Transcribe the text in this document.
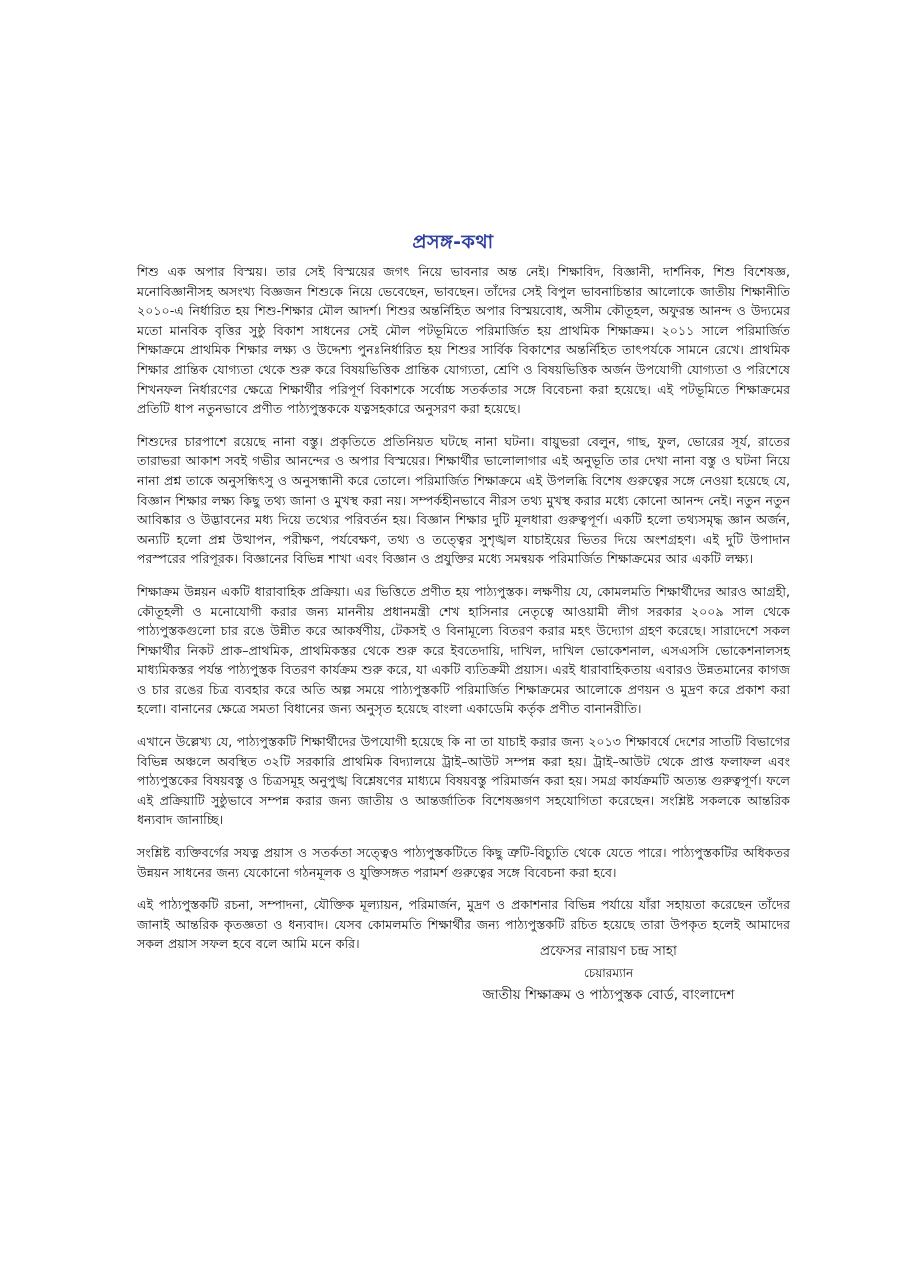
প্রসঙ্গ-কথা

শিশু এক অপার বিস্ময়। তার সেই বিস্ময়ের জগৎ নিয়ে ভাবনার অন্ত নেই। শিক্ষাবিদ, বিজ্ঞানী, দার্শনিক, শিশু বিশেষজ্ঞ, মনোবিজ্ঞানীসহ অসংখ্য বিজ্ঞজন শিশুকে নিয়ে ভেবেছেন, ভাবছেন। তাঁদের সেই বিপুল ভাবনাচিন্তার আলোকে জাতীয় শিক্ষানীতি ২০১০-এ নির্ধারিত হয় শিশু-শিক্ষার মৌল আদর্শ। শিশুর অন্তর্নিহিত অপার বিস্ময়বোধ, অসীম কৌতূহল, অফুরন্ত আনন্দ ও উদ্যমের মতো মানবিক বৃত্তির সুষ্ঠু বিকাশ সাধনের সেই মৌল পটভূমিতে পরিমার্জিত হয় প্রাথমিক শিক্ষাক্রম। ২০১১ সালে পরিমার্জিত শিক্ষাক্রমে প্রাথমিক শিক্ষার লক্ষ্য ও উদ্দেশ্য পুনঃনির্ধারিত হয় শিশুর সার্বিক বিকাশের অন্তর্নিহিত তাৎপর্যকে সামনে রেখে। প্রাথমিক শিক্ষার প্রান্তিক যোগ্যতা থেকে শুরু করে বিষয়ভিত্তিক প্রান্তিক যোগ্যতা, শ্রেণি ও বিষয়ভিত্তিক অর্জন উপযোগী যোগ্যতা ও পরিশেষে শিখনফল নির্ধারণের ক্ষেত্রে শিক্ষার্থীর পরিপূর্ণ বিকাশকে সর্বোচ্চ সতর্কতার সঙ্গে বিবেচনা করা হয়েছে। এই পটভূমিতে শিক্ষাক্রমের প্রতিটি ধাপ নতুনভাবে প্রণীত পাঠ্যপুস্তককে যত্নসহকারে অনুসরণ করা হয়েছে।

শিশুদের চারপাশে রয়েছে নানা বস্তু। প্রকৃতিতে প্রতিনিয়ত ঘটছে নানা ঘটনা। বায়ুভরা বেলুন, গাছ, ফুল, ভোরের সূর্য, রাতের তারাভরা আকাশ সবই গভীর আনন্দের ও অপার বিস্ময়ের। শিক্ষার্থীর ভালোলাগার এই অনুভূতি তার দেখা নানা বস্তু ও ঘটনা নিয়ে নানা প্রশ্ন তাকে অনুসন্ধিৎসু ও অনুসন্ধানী করে তোলে। পরিমার্জিত শিক্ষাক্রমে এই উপলব্ধি বিশেষ গুরুত্বের সঙ্গে নেওয়া হয়েছে যে, বিজ্ঞান শিক্ষার লক্ষ্য কিছু তথ্য জানা ও মুখস্থ করা নয়। সম্পর্কহীনভাবে নীরস তথ্য মুখস্থ করার মধ্যে কোনো আনন্দ নেই। নতুন নতুন আবিষ্কার ও উদ্ভাবনের মধ্য দিয়ে তথ্যের পরিবর্তন হয়। বিজ্ঞান শিক্ষার দুটি মূলধারা গুরুত্বপূর্ণ। একটি হলো তথ্যসমৃদ্ধ জ্ঞান অর্জন, অন্যটি হলো প্রশ্ন উত্থাপন, পরীক্ষণ, পর্যবেক্ষণ, তথ্য ও তত্ত্বের সুশৃঙ্খল যাচাইয়ের ভিতর দিয়ে অংশগ্রহণ। এই দুটি উপাদান পরস্পরের পরিপূরক। বিজ্ঞানের বিভিন্ন শাখা এবং বিজ্ঞান ও প্রযুক্তির মধ্যে সমন্বয়ক পরিমার্জিত শিক্ষাক্রমের আর একটি লক্ষ্য।

শিক্ষাক্রম উন্নয়ন একটি ধারাবাহিক প্রক্রিয়া। এর ভিত্তিতে প্রণীত হয় পাঠ্যপুস্তক। লক্ষণীয় যে, কোমলমতি শিক্ষার্থীদের আরও আগ্রহী, কৌতূহলী ও মনোযোগী করার জন্য মাননীয় প্রধানমন্ত্রী শেখ হাসিনার নেতৃত্বে আওয়ামী লীগ সরকার ২০০৯ সাল থেকে পাঠ্যপুস্তকগুলো চার রঙে উন্নীত করে আকর্ষণীয়, টেকসই ও বিনামূল্যে বিতরণ করার মহৎ উদ্যোগ গ্রহণ করেছে। সারাদেশে সকল শিক্ষার্থীর নিকট প্রাক–প্রাথমিক, প্রাথমিকস্তর থেকে শুরু করে ইবতেদায়ি, দাখিল, দাখিল ভোকেশনাল, এসএসসি ভোকেশনালসহ মাধ্যমিকস্তর পর্যন্ত পাঠ্যপুস্তক বিতরণ কার্যক্রম শুরু করে, যা একটি ব্যতিক্রমী প্রয়াস। এরই ধারাবাহিকতায় এবারও উন্নতমানের কাগজ ও চার রঙের চিত্র ব্যবহার করে অতি অল্প সময়ে পাঠ্যপুস্তকটি পরিমার্জিত শিক্ষাক্রমের আলোকে প্রণয়ন ও মুদ্রণ করে প্রকাশ করা হলো। বানানের ক্ষেত্রে সমতা বিধানের জন্য অনুসৃত হয়েছে বাংলা একাডেমি কর্তৃক প্রণীত বানানরীতি।

এখানে উল্লেখ্য যে, পাঠ্যপুস্তকটি শিক্ষার্থীদের উপযোগী হয়েছে কি না তা যাচাই করার জন্য ২০১৩ শিক্ষাবর্ষে দেশের সাতটি বিভাগের বিভিন্ন অঞ্চলে অবস্থিত ৩২টি সরকারি প্রাথমিক বিদ্যালয়ে ট্রাই–আউট সম্পন্ন করা হয়। ট্রাই–আউট থেকে প্রাপ্ত ফলাফল এবং পাঠ্যপুস্তকের বিষয়বস্তু ও চিত্রসমূহ অনুপুঙ্খ বিশ্লেষণের মাধ্যমে বিষয়বস্তু পরিমার্জন করা হয়। সমগ্র কার্যক্রমটি অত্যন্ত গুরুত্বপূর্ণ। ফলে এই প্রক্রিয়াটি সুষ্ঠুভাবে সম্পন্ন করার জন্য জাতীয় ও আন্তর্জাতিক বিশেষজ্ঞগণ সহযোগিতা করেছেন। সংশ্লিষ্ট সকলকে আন্তরিক ধন্যবাদ জানাচ্ছি।

সংশ্লিষ্ট ব্যক্তিবর্গের সযত্ন প্রয়াস ও সতর্কতা সত্ত্বেও পাঠ্যপুস্তকটিতে কিছু ত্রুটি-বিচ্যুতি থেকে যেতে পারে। পাঠ্যপুস্তকটির অধিকতর উন্নয়ন সাধনের জন্য যেকোনো গঠনমূলক ও যুক্তিসঙ্গত পরামর্শ গুরুত্বের সঙ্গে বিবেচনা করা হবে।

এই পাঠ্যপুস্তকটি রচনা, সম্পাদনা, যৌক্তিক মূল্যায়ন, পরিমার্জন, মুদ্রণ ও প্রকাশনার বিভিন্ন পর্যায়ে যাঁরা সহায়তা করেছেন তাঁদের জানাই আন্তরিক কৃতজ্ঞতা ও ধন্যবাদ। যেসব কোমলমতি শিক্ষার্থীর জন্য পাঠ্যপুস্তকটি রচিত হয়েছে তারা উপকৃত হলেই আমাদের সকল প্রয়াস সফল হবে বলে আমি মনে করি।	প্রফেসর নারায়ণ চন্দ্র সাহা
চেয়ারম্যান
জাতীয় শিক্ষাক্রম ও পাঠ্যপুস্তক বোর্ড, বাংলাদেশ
